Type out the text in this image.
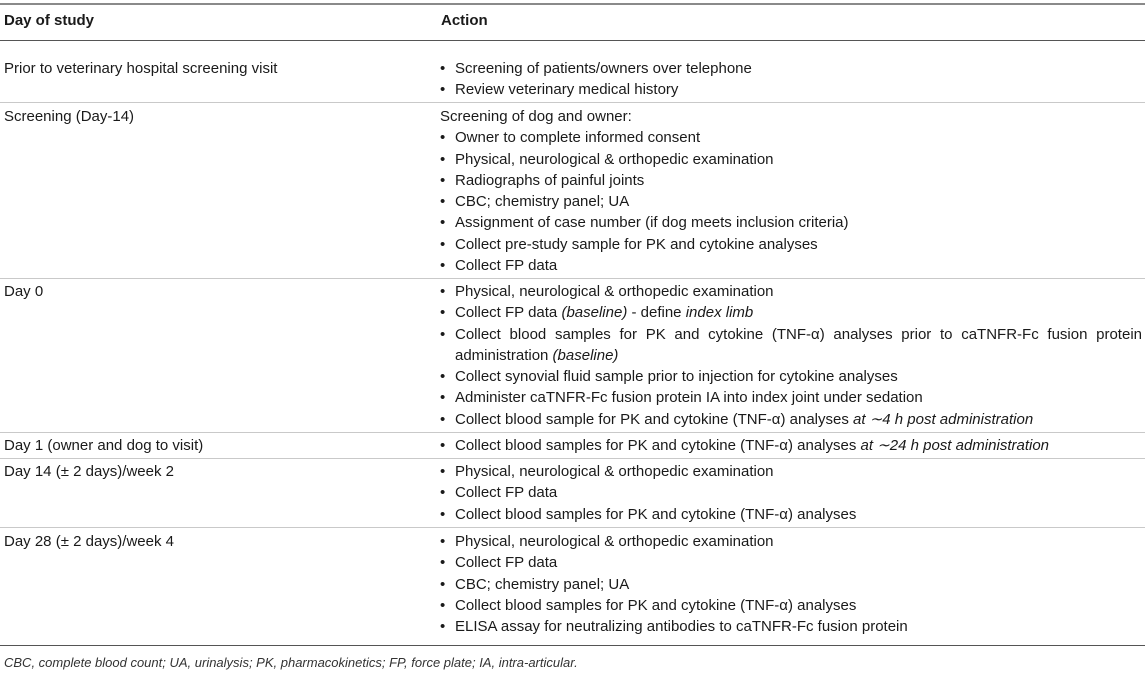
Day of study	Action
Prior to veterinary hospital screening visit	• Screening of patients/owners over telephone
• Review veterinary medical history
Screening (Day-14)	Screening of dog and owner:
• Owner to complete informed consent
• Physical, neurological & orthopedic examination
• Radiographs of painful joints
• CBC; chemistry panel; UA
• Assignment of case number (if dog meets inclusion criteria)
• Collect pre-study sample for PK and cytokine analyses
• Collect FP data
Day 0	• Physical, neurological & orthopedic examination
• Collect FP data (baseline) - define index limb
• Collect blood samples for PK and cytokine (TNF-α) analyses prior to caTNFR-Fc fusion protein administration (baseline)
• Collect synovial fluid sample prior to injection for cytokine analyses
• Administer caTNFR-Fc fusion protein IA into index joint under sedation
• Collect blood sample for PK and cytokine (TNF-α) analyses at ∼4 h post administration
Day 1 (owner and dog to visit)	• Collect blood samples for PK and cytokine (TNF-α) analyses at ∼24 h post administration
Day 14 (± 2 days)/week 2	• Physical, neurological & orthopedic examination
• Collect FP data
• Collect blood samples for PK and cytokine (TNF-α) analyses
Day 28 (± 2 days)/week 4	• Physical, neurological & orthopedic examination
• Collect FP data
• CBC; chemistry panel; UA
• Collect blood samples for PK and cytokine (TNF-α) analyses
• ELISA assay for neutralizing antibodies to caTNFR-Fc fusion protein
CBC, complete blood count; UA, urinalysis; PK, pharmacokinetics; FP, force plate; IA, intra-articular.
